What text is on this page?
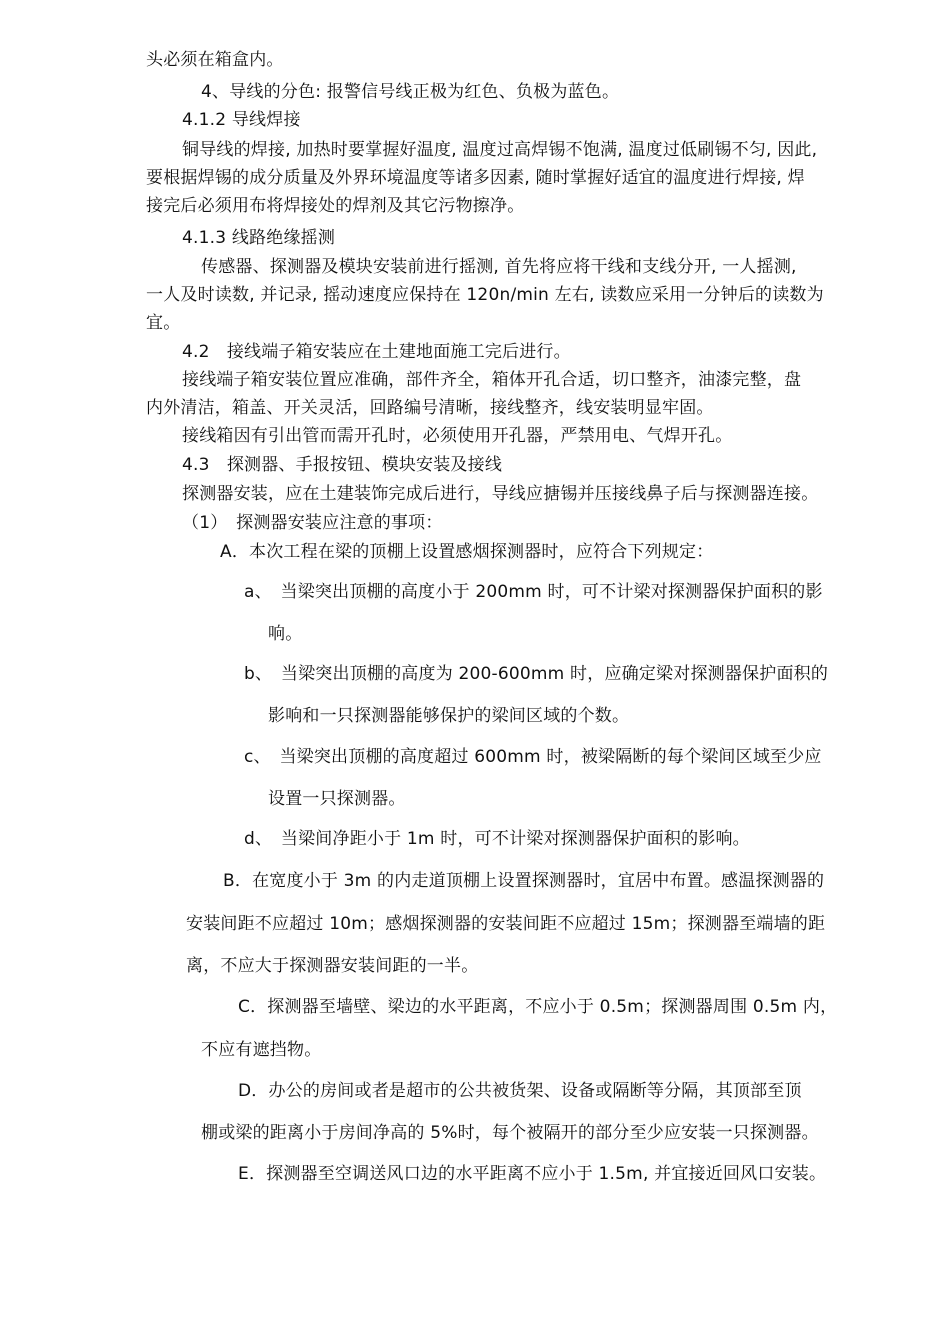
头必须在箱盒内。
4、导线的分色: 报警信号线正极为红色、负极为蓝色。
4.1.2 导线焊接
铜导线的焊接, 加热时要掌握好温度, 温度过高焊锡不饱满, 温度过低刷锡不匀, 因此,
要根据焊锡的成分质量及外界环境温度等诸多因素, 随时掌握好适宜的温度进行焊接, 焊
接完后必须用布将焊接处的焊剂及其它污物擦净。
4.1.3 线路绝缘摇测
传感器、探测器及模块安装前进行摇测, 首先将应将干线和支线分开, 一人摇测,
一人及时读数, 并记录, 摇动速度应保持在 120n/min 左右, 读数应采用一分钟后的读数为
宜。
4.2　接线端子箱安装应在土建地面施工完后进行。
接线端子箱安装位置应准确，部件齐全，箱体开孔合适，切口整齐，油漆完整，盘
内外清洁，箱盖、开关灵活，回路编号清晰，接线整齐，线安装明显牢固。
接线箱因有引出管而需开孔时，必须使用开孔器，严禁用电、气焊开孔。
4.3　探测器、手报按钮、模块安装及接线
探测器安装，应在土建装饰完成后进行，导线应搪锡并压接线鼻子后与探测器连接。
（1）　探测器安装应注意的事项：
A．本次工程在梁的顶棚上设置感烟探测器时，应符合下列规定：
a、　当梁突出顶棚的高度小于 200mm 时，可不计梁对探测器保护面积的影
响。
b、　当梁突出顶棚的高度为 200-600mm 时，应确定梁对探测器保护面积的
影响和一只探测器能够保护的梁间区域的个数。
c、　当梁突出顶棚的高度超过 600mm 时，被梁隔断的每个梁间区域至少应
设置一只探测器。
d、　当梁间净距小于 1m 时，可不计梁对探测器保护面积的影响。
B．在宽度小于 3m 的内走道顶棚上设置探测器时，宜居中布置。感温探测器的
安装间距不应超过 10m；感烟探测器的安装间距不应超过 15m；探测器至端墙的距
离，不应大于探测器安装间距的一半。
C．探测器至墙壁、梁边的水平距离，不应小于 0.5m；探测器周围 0.5m 内，
不应有遮挡物。
D．办公的房间或者是超市的公共被货架、设备或隔断等分隔，其顶部至顶
棚或梁的距离小于房间净高的 5%时，每个被隔开的部分至少应安装一只探测器。
E．探测器至空调送风口边的水平距离不应小于 1.5m, 并宜接近回风口安装。
